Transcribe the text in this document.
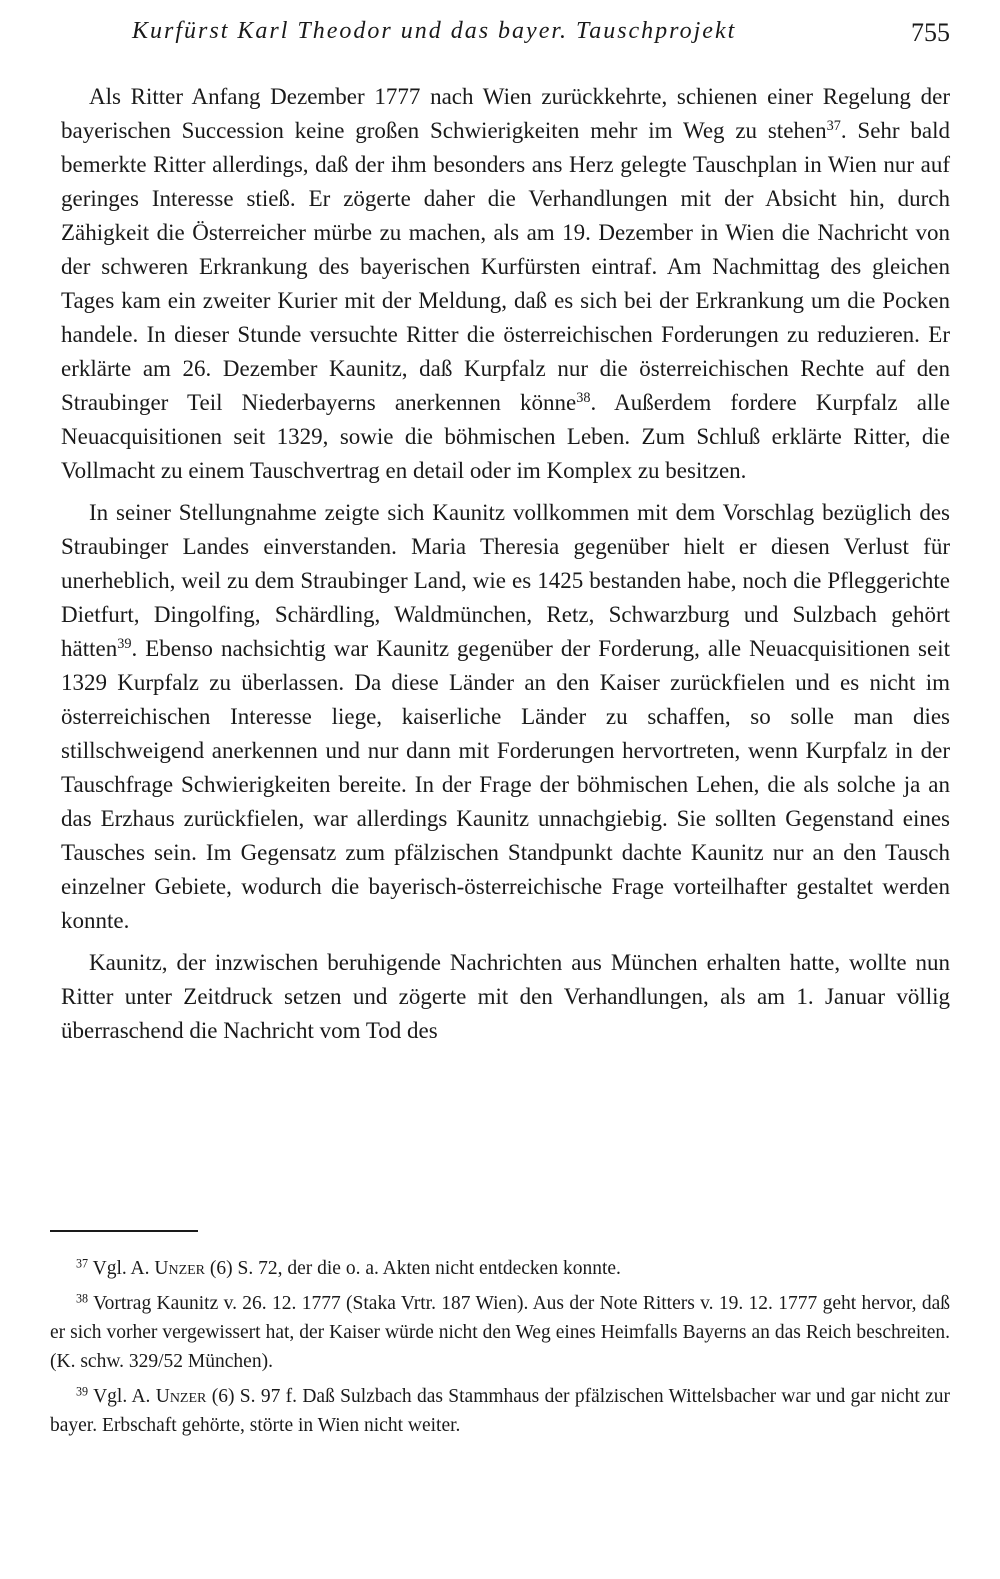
Kurfürst Karl Theodor und das bayer. Tauschprojekt	755

Als Ritter Anfang Dezember 1777 nach Wien zurückkehrte, schienen einer Regelung der bayerischen Succession keine großen Schwierigkeiten mehr im Weg zu stehen$^{37}$. Sehr bald bemerkte Ritter allerdings, daß der ihm besonders ans Herz gelegte Tauschplan in Wien nur auf geringes Interesse stieß. Er zögerte daher die Verhandlungen mit der Absicht hin, durch Zähigkeit die Österreicher mürbe zu machen, als am 19. Dezember in Wien die Nachricht von der schweren Erkrankung des bayerischen Kurfürsten eintraf. Am Nachmittag des gleichen Tages kam ein zweiter Kurier mit der Meldung, daß es sich bei der Erkrankung um die Pocken handele. In dieser Stunde versuchte Ritter die österreichischen Forderungen zu reduzieren. Er erklärte am 26. Dezember Kaunitz, daß Kurpfalz nur die österreichischen Rechte auf den Straubinger Teil Niederbayerns anerkennen könne$^{38}$. Außerdem fordere Kurpfalz alle Neuacquisitionen seit 1329, sowie die böhmischen Leben. Zum Schluß erklärte Ritter, die Vollmacht zu einem Tauschvertrag en detail oder im Komplex zu besitzen.

In seiner Stellungnahme zeigte sich Kaunitz vollkommen mit dem Vorschlag bezüglich des Straubinger Landes einverstanden. Maria Theresia gegenüber hielt er diesen Verlust für unerheblich, weil zu dem Straubinger Land, wie es 1425 bestanden habe, noch die Pfleggerichte Dietfurt, Dingolfing, Schärdling, Waldmünchen, Retz, Schwarzburg und Sulzbach gehört hätten$^{39}$. Ebenso nachsichtig war Kaunitz gegenüber der Forderung, alle Neuacquisitionen seit 1329 Kurpfalz zu überlassen. Da diese Länder an den Kaiser zurückfielen und es nicht im österreichischen Interesse liege, kaiserliche Länder zu schaffen, so solle man dies stillschweigend anerkennen und nur dann mit Forderungen hervortreten, wenn Kurpfalz in der Tauschfrage Schwierigkeiten bereite. In der Frage der böhmischen Lehen, die als solche ja an das Erzhaus zurückfielen, war allerdings Kaunitz unnachgiebig. Sie sollten Gegenstand eines Tausches sein. Im Gegensatz zum pfälzischen Standpunkt dachte Kaunitz nur an den Tausch einzelner Gebiete, wodurch die bayerisch-österreichische Frage vorteilhafter gestaltet werden konnte.

Kaunitz, der inzwischen beruhigende Nachrichten aus München erhalten hatte, wollte nun Ritter unter Zeitdruck setzen und zögerte mit den Verhandlungen, als am 1. Januar völlig überraschend die Nachricht vom Tod des

$^{37}$ Vgl. A. Unzer (6) S. 72, der die o. a. Akten nicht entdecken konnte.

$^{38}$ Vortrag Kaunitz v. 26. 12. 1777 (Staka Vrtr. 187 Wien). Aus der Note Ritters v. 19. 12. 1777 geht hervor, daß er sich vorher vergewissert hat, der Kaiser würde nicht den Weg eines Heimfalls Bayerns an das Reich beschreiten. (K. schw. 329/52 München).

$^{39}$ Vgl. A. Unzer (6) S. 97 f. Daß Sulzbach das Stammhaus der pfälzischen Wittelsbacher war und gar nicht zur bayer. Erbschaft gehörte, störte in Wien nicht weiter.
